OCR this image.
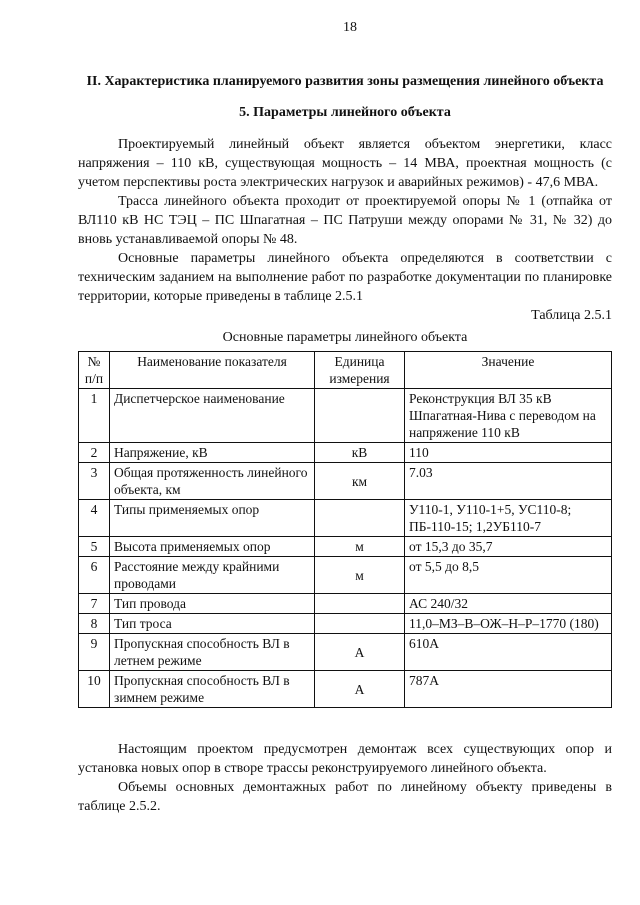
18
II. Характеристика планируемого развития зоны размещения линейного объекта
5. Параметры линейного объекта

Проектируемый линейный объект является объектом энергетики, класс напряжения – 110 кВ, существующая мощность – 14 МВА, проектная мощность (с учетом перспективы роста электрических нагрузок и аварийных режимов) - 47,6 МВА.

Трасса линейного объекта проходит от проектируемой опоры № 1 (отпайка от ВЛ110 кВ НС ТЭЦ – ПС Шпагатная – ПС Патруши между опорами № 31, № 32) до вновь устанавливаемой опоры № 48.

Основные параметры линейного объекта определяются в соответствии с техническим заданием на выполнение работ по разработке документации по планировке территории, которые приведены в таблице 2.5.1

Таблица 2.5.1

Основные параметры линейного объекта

№ п/п	Наименование показателя	Единица измерения	Значение
1	Диспетчерское наименование		Реконструкция ВЛ 35 кВ Шпагатная-Нива с переводом на напряжение 110 кВ
2	Напряжение, кВ	кВ	110
3	Общая протяженность линейного объекта, км	км	7.03
4	Типы применяемых опор		У110-1, У110-1+5, УС110-8; ПБ-110-15; 1,2УБ110-7
5	Высота применяемых опор	м	от 15,3 до 35,7
6	Расстояние между крайними проводами	м	от 5,5 до 8,5
7	Тип провода		АС 240/32
8	Тип троса		11,0–МЗ–В–ОЖ–Н–Р–1770 (180)
9	Пропускная способность ВЛ в летнем режиме	А	610А
10	Пропускная способность ВЛ в зимнем режиме	А	787А

Настоящим проектом предусмотрен демонтаж всех существующих опор и установка новых опор в створе трассы реконструируемого линейного объекта.

Объемы основных демонтажных работ по линейному объекту приведены в таблице 2.5.2.
